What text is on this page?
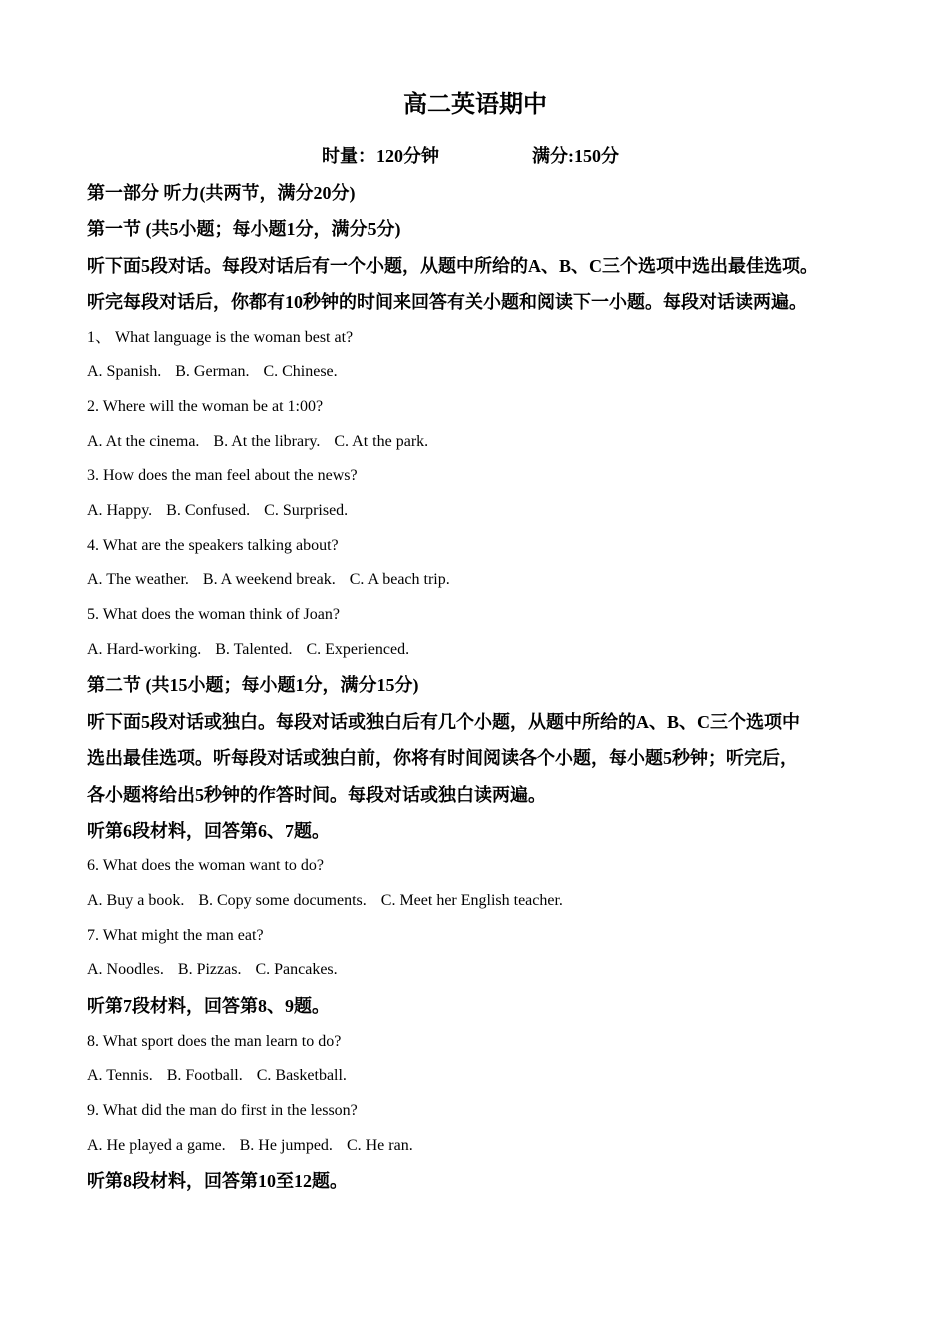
高二英语期中
时量：120分钟	满分:150分

第一部分 听力(共两节，满分20分)

第一节 (共5小题；每小题1分，满分5分)

听下面5段对话。每段对话后有一个小题，从题中所给的A、B、C三个选项中选出最佳选项。

听完每段对话后，你都有10秒钟的时间来回答有关小题和阅读下一小题。每段对话读两遍。

1、 What language is the woman best at?

A. Spanish. B. German. C. Chinese.

2. Where will the woman be at 1:00?

A. At the cinema. B. At the library. C. At the park.

3. How does the man feel about the news?

A. Happy. B. Confused. C. Surprised.

4. What are the speakers talking about?

A. The weather. B. A weekend break. C. A beach trip.

5. What does the woman think of Joan?

A. Hard-working. B. Talented. C. Experienced.

第二节 (共15小题；每小题1分，满分15分)

听下面5段对话或独白。每段对话或独白后有几个小题，从题中所给的A、B、C三个选项中

选出最佳选项。听每段对话或独白前，你将有时间阅读各个小题，每小题5秒钟；听完后，

各小题将给出5秒钟的作答时间。每段对话或独白读两遍。

听第6段材料，回答第6、7题。

6. What does the woman want to do?

A. Buy a book. B. Copy some documents. C. Meet her English teacher.

7. What might the man eat?

A. Noodles. B. Pizzas. C. Pancakes.

听第7段材料，回答第8、9题。

8. What sport does the man learn to do?

A. Tennis. B. Football. C. Basketball.

9. What did the man do first in the lesson?

A. He played a game. B. He jumped. C. He ran.

听第8段材料，回答第10至12题。
